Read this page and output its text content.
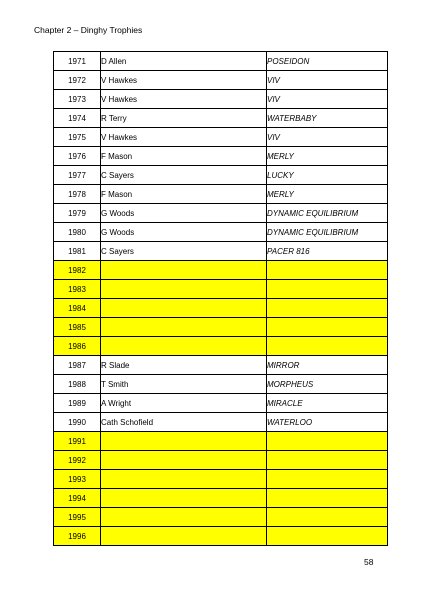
Chapter 2 – Dinghy Trophies
1971	D Allen	POSEIDON
1972	V Hawkes	VIV
1973	V Hawkes	VIV
1974	R Terry	WATERBABY
1975	V Hawkes	VIV
1976	F Mason	MERLY
1977	C Sayers	LUCKY
1978	F Mason	MERLY
1979	G Woods	DYNAMIC EQUILIBRIUM
1980	G Woods	DYNAMIC EQUILIBRIUM
1981	C Sayers	PACER 816
1982		
1983		
1984		
1985		
1986		
1987	R Slade	MIRROR
1988	T Smith	MORPHEUS
1989	A Wright	MIRACLE
1990	Cath Schofield	WATERLOO
1991		
1992		
1993		
1994		
1995		
1996		
58
